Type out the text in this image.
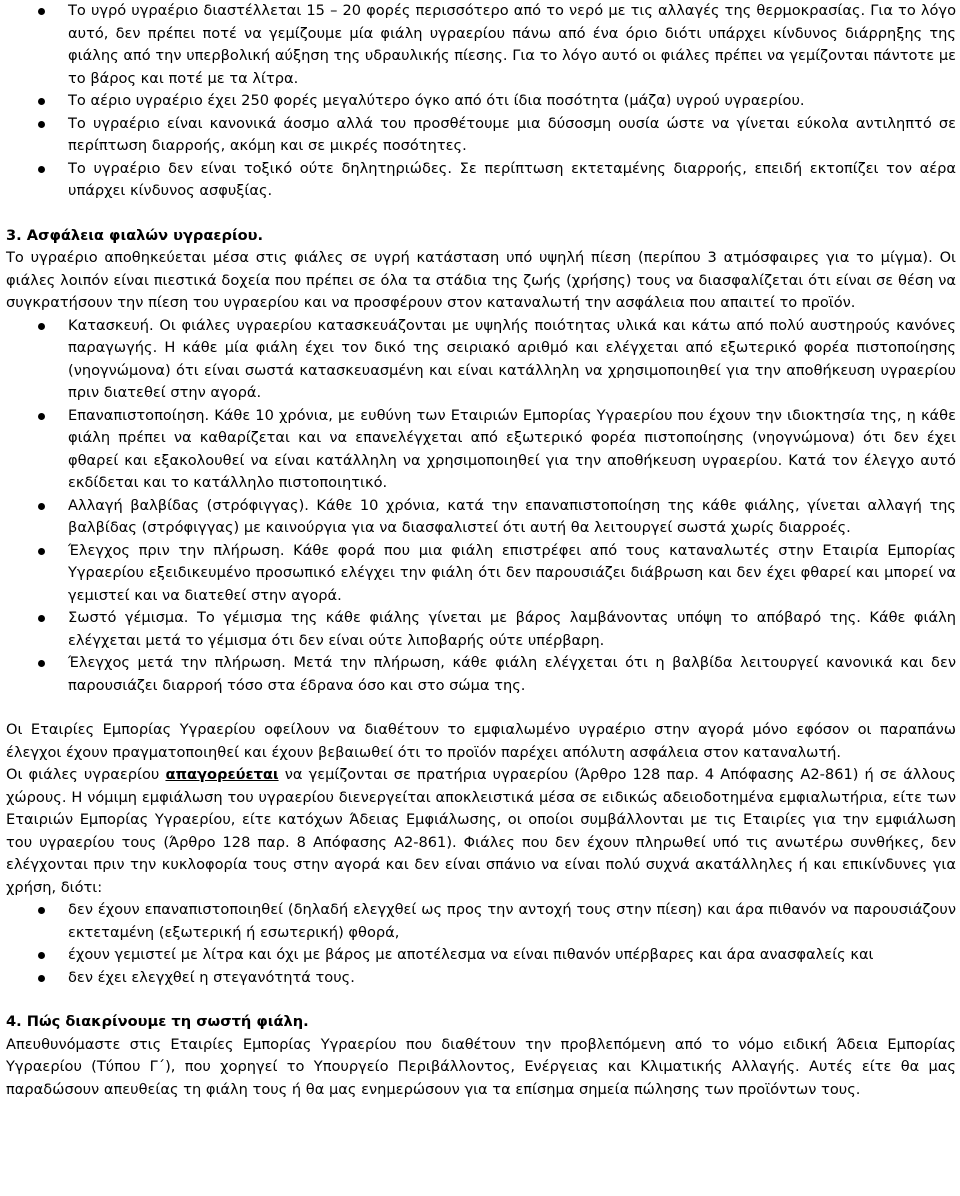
Το υγρό υγραέριο διαστέλλεται 15 – 20 φορές περισσότερο από το νερό με τις αλλαγές της θερμοκρασίας. Για το λόγο αυτό, δεν πρέπει ποτέ να γεμίζουμε μία φιάλη υγραερίου πάνω από ένα όριο διότι υπάρχει κίνδυνος διάρρηξης της φιάλης από την υπερβολική αύξηση της υδραυλικής πίεσης. Για το λόγο αυτό οι φιάλες πρέπει να γεμίζονται πάντοτε με το βάρος και ποτέ με τα λίτρα.
Το αέριο υγραέριο έχει 250 φορές μεγαλύτερο όγκο από ότι ίδια ποσότητα (μάζα) υγρού υγραερίου.
Το υγραέριο είναι κανονικά άοσμο αλλά του προσθέτουμε μια δύσοσμη ουσία ώστε να γίνεται εύκολα αντιληπτό σε περίπτωση διαρροής, ακόμη και σε μικρές ποσότητες.
Το υγραέριο δεν είναι τοξικό ούτε δηλητηριώδες. Σε περίπτωση εκτεταμένης διαρροής, επειδή εκτοπίζει τον αέρα υπάρχει κίνδυνος ασφυξίας.
3. Ασφάλεια φιαλών υγραερίου.

Το υγραέριο αποθηκεύεται μέσα στις φιάλες σε υγρή κατάσταση υπό υψηλή πίεση (περίπου 3 ατμόσφαιρες για το μίγμα). Οι φιάλες λοιπόν είναι πιεστικά δοχεία που πρέπει σε όλα τα στάδια της ζωής (χρήσης) τους να διασφαλίζεται ότι είναι σε θέση να συγκρατήσουν την πίεση του υγραερίου και να προσφέρουν στον καταναλωτή την ασφάλεια που απαιτεί το προϊόν.

Κατασκευή. Οι φιάλες υγραερίου κατασκευάζονται με υψηλής ποιότητας υλικά και κάτω από πολύ αυστηρούς κανόνες παραγωγής. Η κάθε μία φιάλη έχει τον δικό της σειριακό αριθμό και ελέγχεται από εξωτερικό φορέα πιστοποίησης (νηογνώμονα) ότι είναι σωστά κατασκευασμένη και είναι κατάλληλη να χρησιμοποιηθεί για την αποθήκευση υγραερίου πριν διατεθεί στην αγορά.
Επαναπιστοποίηση. Κάθε 10 χρόνια, με ευθύνη των Εταιριών Εμπορίας Υγραερίου που έχουν την ιδιοκτησία της, η κάθε φιάλη πρέπει να καθαρίζεται και να επανελέγχεται από εξωτερικό φορέα πιστοποίησης (νηογνώμονα) ότι δεν έχει φθαρεί και εξακολουθεί να είναι κατάλληλη να χρησιμοποιηθεί για την αποθήκευση υγραερίου. Κατά τον έλεγχο αυτό εκδίδεται και το κατάλληλο πιστοποιητικό.
Αλλαγή βαλβίδας (στρόφιγγας). Κάθε 10 χρόνια, κατά την επαναπιστοποίηση της κάθε φιάλης, γίνεται αλλαγή της βαλβίδας (στρόφιγγας) με καινούργια για να διασφαλιστεί ότι αυτή θα λειτουργεί σωστά χωρίς διαρροές.
Έλεγχος πριν την πλήρωση. Κάθε φορά που μια φιάλη επιστρέφει από τους καταναλωτές στην Εταιρία Εμπορίας Υγραερίου εξειδικευμένο προσωπικό ελέγχει την φιάλη ότι δεν παρουσιάζει διάβρωση και δεν έχει φθαρεί και μπορεί να γεμιστεί και να διατεθεί στην αγορά.
Σωστό γέμισμα. Το γέμισμα της κάθε φιάλης γίνεται με βάρος λαμβάνοντας υπόψη το απόβαρό της. Κάθε φιάλη ελέγχεται μετά το γέμισμα ότι δεν είναι ούτε λιποβαρής ούτε υπέρβαρη.
Έλεγχος μετά την πλήρωση. Μετά την πλήρωση, κάθε φιάλη ελέγχεται ότι η βαλβίδα λειτουργεί κανονικά και δεν παρουσιάζει διαρροή τόσο στα έδρανα όσο και στο σώμα της.

Οι Εταιρίες Εμπορίας Υγραερίου οφείλουν να διαθέτουν το εμφιαλωμένο υγραέριο στην αγορά μόνο εφόσον οι παραπάνω έλεγχοι έχουν πραγματοποιηθεί και έχουν βεβαιωθεί ότι το προϊόν παρέχει απόλυτη ασφάλεια στον καταναλωτή.

Οι φιάλες υγραερίου απαγορεύεται να γεμίζονται σε πρατήρια υγραερίου (Άρθρο 128 παρ. 4 Απόφασης Α2-861) ή σε άλλους χώρους. Η νόμιμη εμφιάλωση του υγραερίου διενεργείται αποκλειστικά μέσα σε ειδικώς αδειοδοτημένα εμφιαλωτήρια, είτε των Εταιριών Εμπορίας Υγραερίου, είτε κατόχων Άδειας Εμφιάλωσης, οι οποίοι συμβάλλονται με τις Εταιρίες για την εμφιάλωση του υγραερίου τους (Άρθρο 128 παρ. 8 Απόφασης Α2-861). Φιάλες που δεν έχουν πληρωθεί υπό τις ανωτέρω συνθήκες, δεν ελέγχονται πριν την κυκλοφορία τους στην αγορά και δεν είναι σπάνιο να είναι πολύ συχνά ακατάλληλες ή και επικίνδυνες για χρήση, διότι:

δεν έχουν επαναπιστοποιηθεί (δηλαδή ελεγχθεί ως προς την αντοχή τους στην πίεση) και άρα πιθανόν να παρουσιάζουν εκτεταμένη (εξωτερική ή εσωτερική) φθορά,
έχουν γεμιστεί με λίτρα και όχι με βάρος με αποτέλεσμα να είναι πιθανόν υπέρβαρες και άρα ανασφαλείς και
δεν έχει ελεγχθεί η στεγανότητά τους.
4. Πώς διακρίνουμε τη σωστή φιάλη.

Απευθυνόμαστε στις Εταιρίες Εμπορίας Υγραερίου που διαθέτουν την προβλεπόμενη από το νόμο ειδική Άδεια Εμπορίας Υγραερίου (Τύπου Γ΄), που χορηγεί το Υπουργείο Περιβάλλοντος, Ενέργειας και Κλιματικής Αλλαγής. Αυτές είτε θα μας παραδώσουν απευθείας τη φιάλη τους ή θα μας ενημερώσουν για τα επίσημα σημεία πώλησης των προϊόντων τους.
